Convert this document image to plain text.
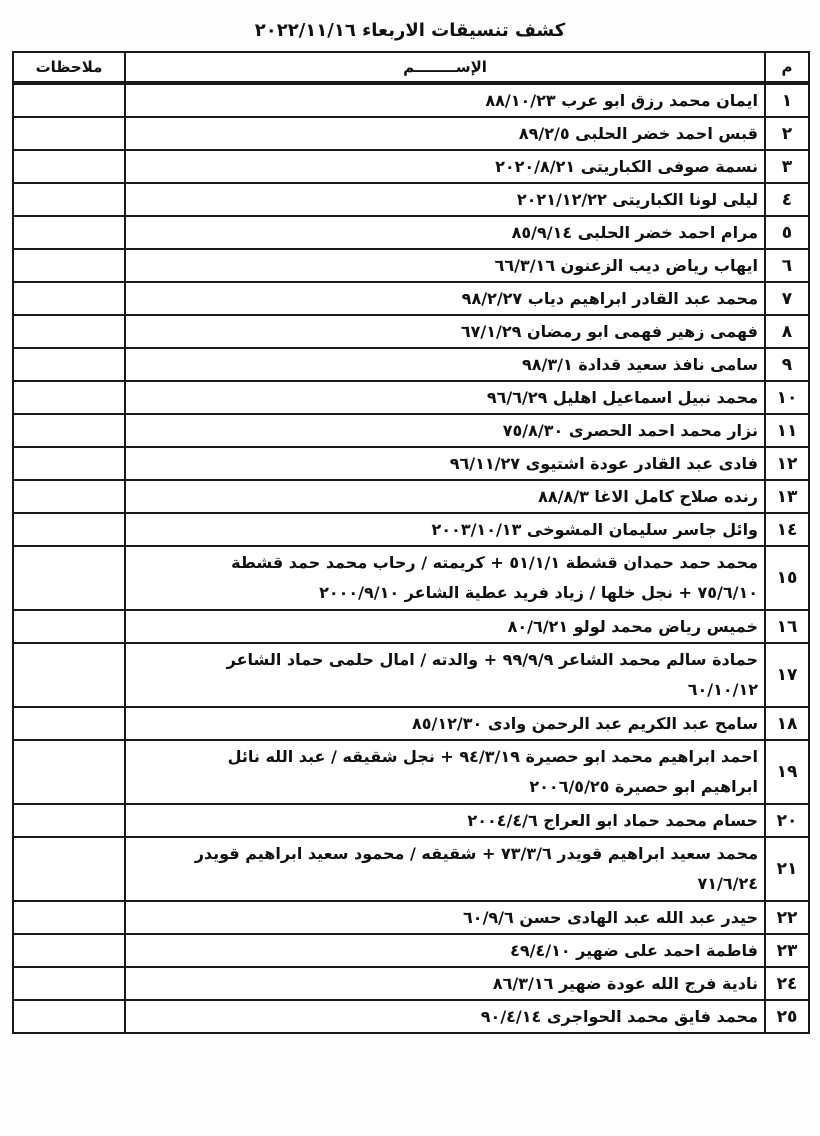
كشف تنسيقات الاربعاء ٢٠٢٢/١١/١٦
م	الإســــــــم	ملاحظات
١	ايمان محمد رزق ابو عرب ٨٨/١٠/٢٣	

٢	قبس احمد خضر الحلبى ٨٩/٢/٥	

٣	نسمة صوفى الكباريتى ٢٠٢٠/٨/٢١	

٤	ليلى لونا الكباريتى ٢٠٢١/١٢/٢٢	

٥	مرام احمد خضر الحلبى ٨٥/٩/١٤	

٦	ايهاب رياض ديب الزعنون ٦٦/٣/١٦	

٧	محمد عبد القادر ابراهيم دياب ٩٨/٢/٢٧	

٨	فهمى زهير فهمى ابو رمضان ٦٧/١/٢٩	

٩	سامى نافذ سعيد قدادة ٩٨/٣/١	

١٠	محمد نبيل اسماعيل اهليل ٩٦/٦/٢٩	

١١	نزار محمد احمد الحصرى ٧٥/٨/٣٠	

١٢	فادى عبد القادر عودة اشتيوى ٩٦/١١/٢٧	

١٣	رنده صلاح كامل الاغا ٨٨/٨/٣	

١٤	وائل جاسر سليمان المشوخى ٢٠٠٣/١٠/١٣	

١٥	محمد حمد حمدان قشطة ٥١/١/١ + كريمته / رحاب محمد حمد قشطة
٧٥/٦/١٠ + نجل خلها / زياد فريد عطية الشاعر ٢٠٠٠/٩/١٠	

١٦	خميس رياض محمد لولو ٨٠/٦/٢١	

١٧	حمادة سالم محمد الشاعر ٩٩/٩/٩ + والدته / امال حلمى حماد الشاعر
٦٠/١٠/١٢	

١٨	سامح عبد الكريم عبد الرحمن وادى ٨٥/١٢/٣٠	

١٩	احمد ابراهيم محمد ابو حصيرة ٩٤/٣/١٩ + نجل شقيقه / عبد الله نائل
ابراهيم ابو حصيرة ٢٠٠٦/٥/٢٥	

٢٠	حسام محمد حماد ابو العراج ٢٠٠٤/٤/٦	

٢١	محمد سعيد ابراهيم قويدر ٧٣/٣/٦ + شقيقه / محمود سعيد ابراهيم قويدر
٧١/٦/٢٤	

٢٢	حيدر عبد الله عبد الهادى حسن ٦٠/٩/٦	

٢٣	فاطمة احمد على ضهير ٤٩/٤/١٠	

٢٤	نادية فرج الله عودة ضهير ٨٦/٣/١٦	

٢٥	محمد فايق محمد الحواجرى ٩٠/٤/١٤	
